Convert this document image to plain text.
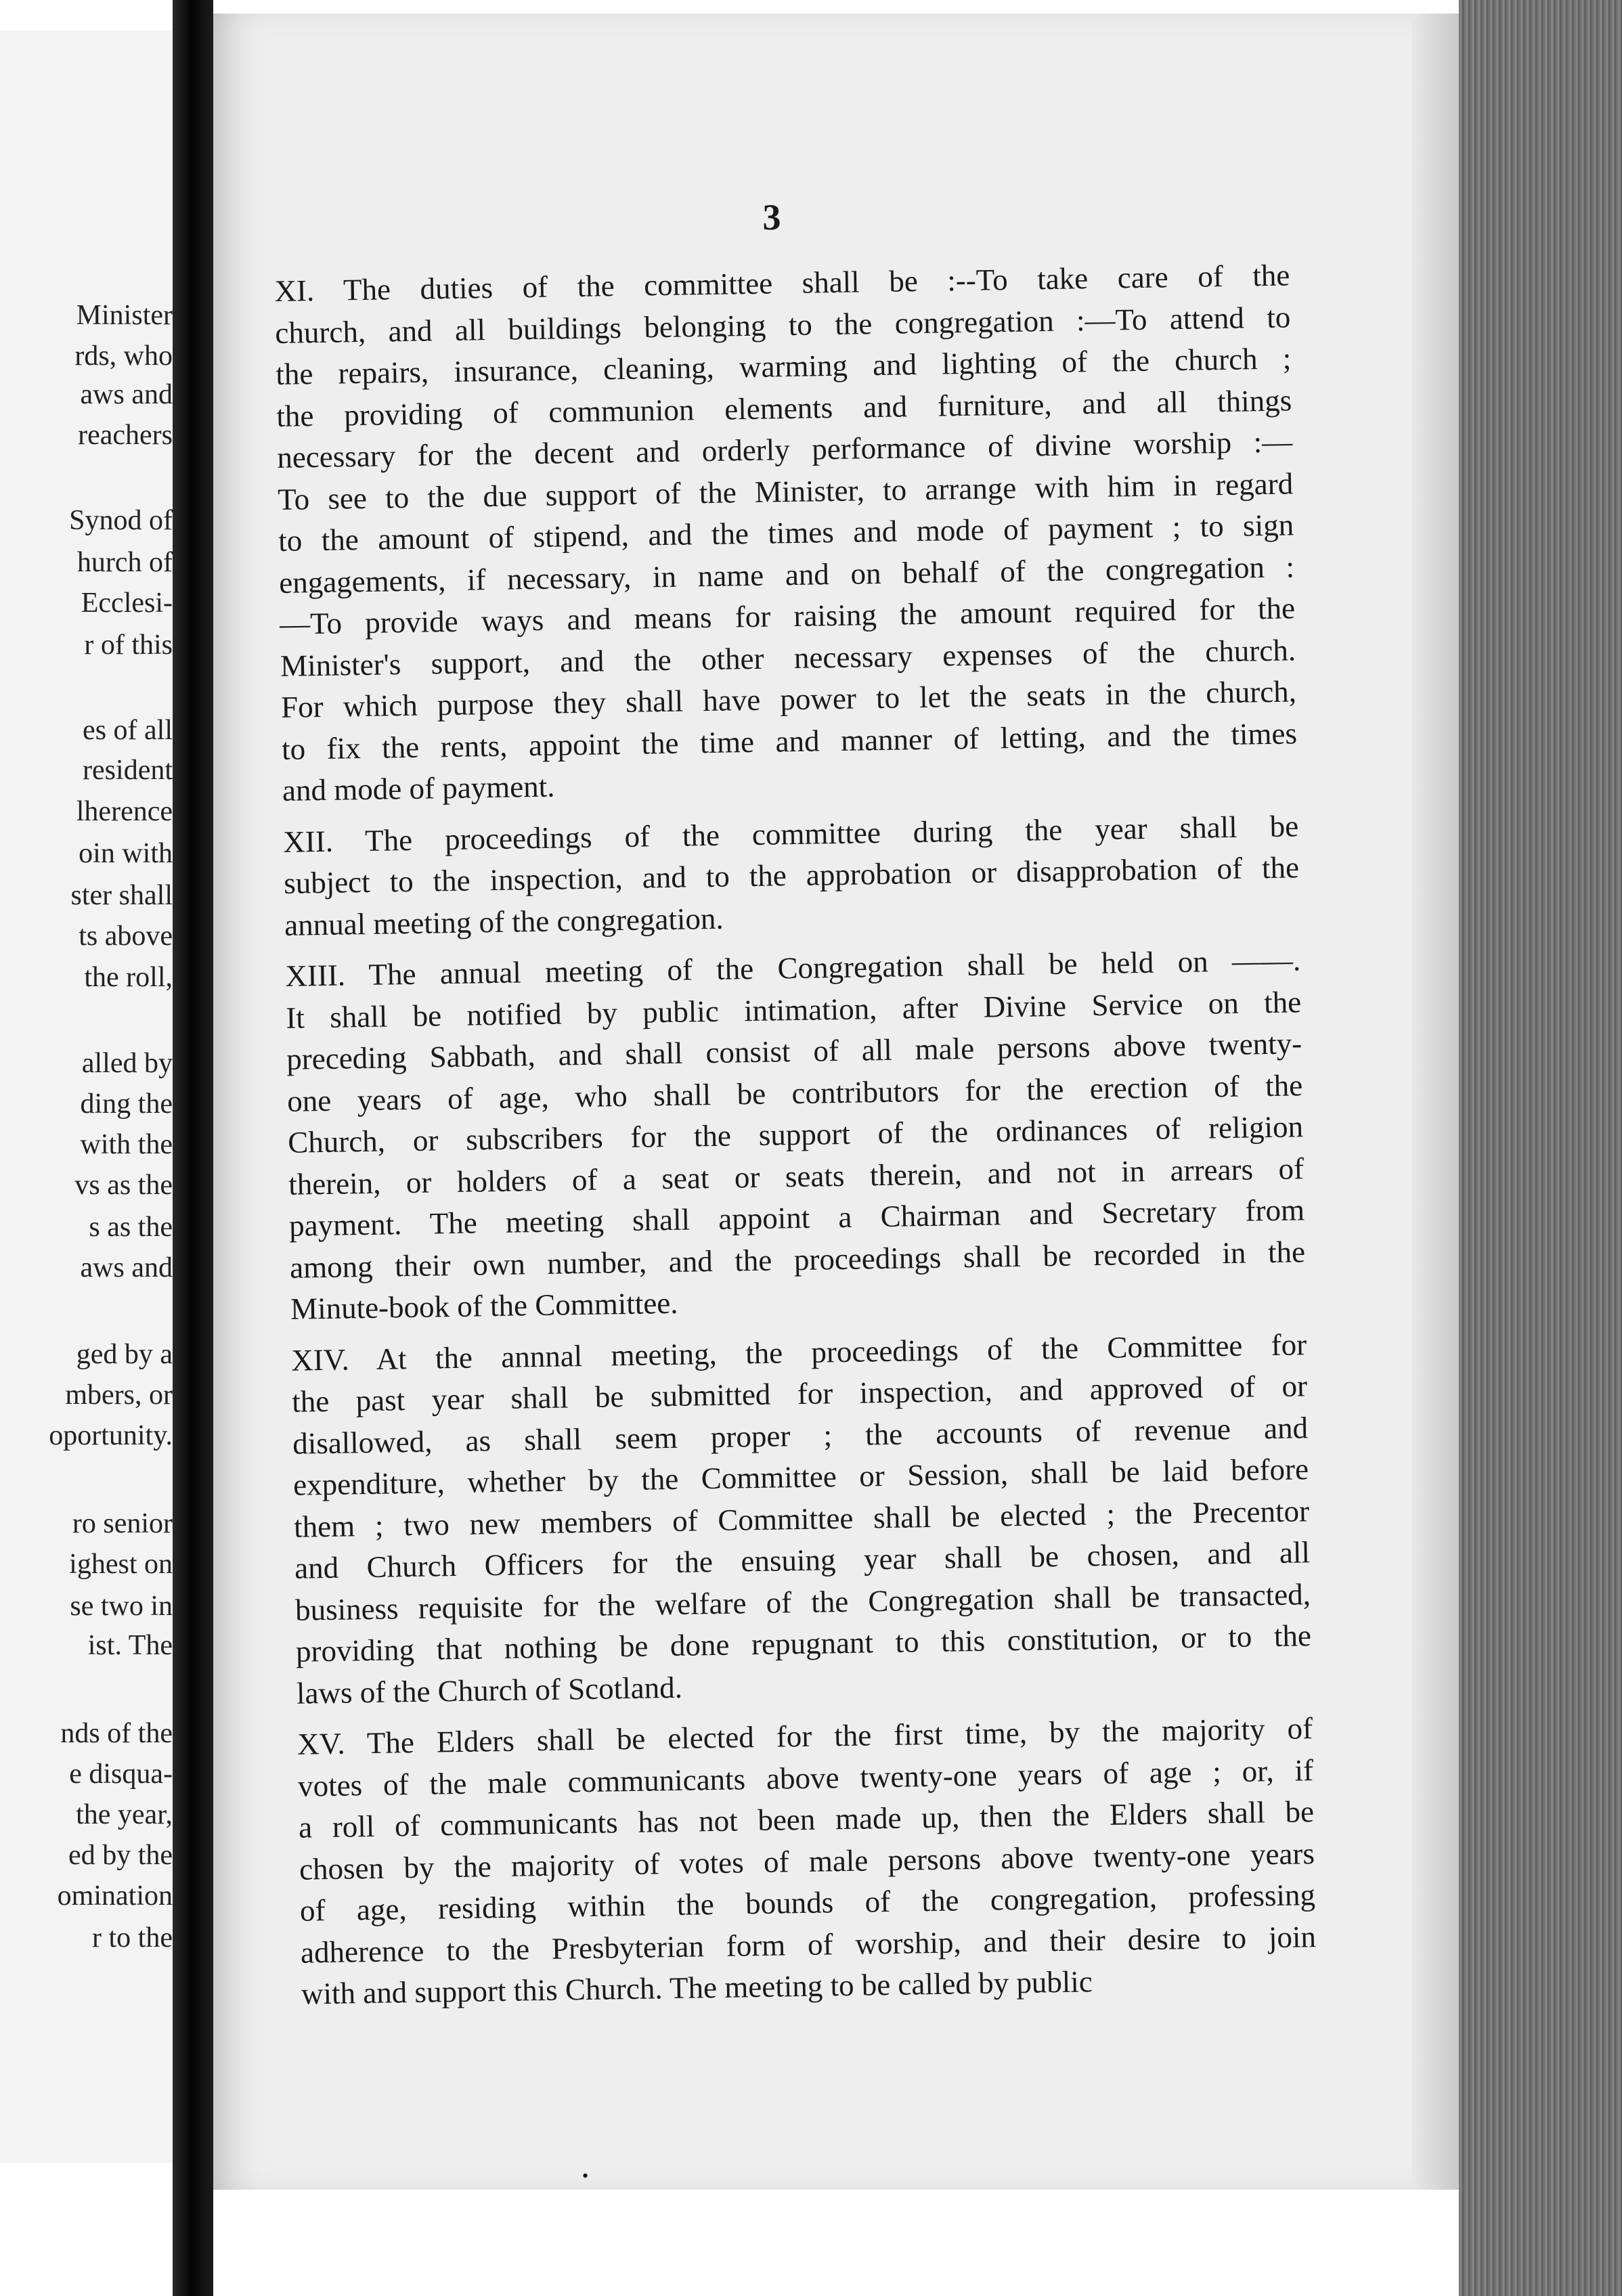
Minister
rds, who
aws and
reachers
Synod of
hurch of
Ecclesi-
r of this
es of all
resident
lherence
oin with
ster shall
ts above
the roll,
alled by
ding the
with the
vs as the
s as the
aws and
ged by a
mbers, or
oportunity.
ro senior
ighest on
se two in
ist. The
nds of the
e disqua-
the year,
ed by the
omination
r to the
3
XI. The duties of the committee shall be :--To take care of the
church, and all buildings belonging to the congregation :—To attend to
the repairs, insurance, cleaning, warming and lighting of the church ;
the providing of communion elements and furniture, and all things
necessary for the decent and orderly performance of divine worship :—
To see to the due support of the Minister, to arrange with him in regard
to the amount of stipend, and the times and mode of payment ; to sign
engagements, if necessary, in name and on behalf of the congregation :
—To provide ways and means for raising the amount required for the
Minister's support, and the other necessary expenses of the church.
For which purpose they shall have power to let the seats in the church,
to fix the rents, appoint the time and manner of letting, and the times
and mode of payment.
XII. The proceedings of the committee during the year shall be
subject to the inspection, and to the approbation or disapprobation of the
annual meeting of the congregation.
XIII. The annual meeting of the Congregation shall be held on ——.
It shall be notified by public intimation, after Divine Service on the
preceding Sabbath, and shall consist of all male persons above twenty-
one years of age, who shall be contributors for the erection of the
Church, or subscribers for the support of the ordinances of religion
therein, or holders of a seat or seats therein, and not in arrears of
payment. The meeting shall appoint a Chairman and Secretary from
among their own number, and the proceedings shall be recorded in the
Minute-book of the Committee.
XIV. At the annnal meeting, the proceedings of the Committee for
the past year shall be submitted for inspection, and approved of or
disallowed, as shall seem proper ; the accounts of revenue and
expenditure, whether by the Committee or Session, shall be laid before
them ; two new members of Committee shall be elected ; the Precentor
and Church Officers for the ensuing year shall be chosen, and all
business requisite for the welfare of the Congregation shall be transacted,
providing that nothing be done repugnant to this constitution, or to the
laws of the Church of Scotland.
XV. The Elders shall be elected for the first time, by the majority of
votes of the male communicants above twenty-one years of age ; or, if
a roll of communicants has not been made up, then the Elders shall be
chosen by the majority of votes of male persons above twenty-one years
of age, residing within the bounds of the congregation, professing
adherence to the Presbyterian form of worship, and their desire to join
with and support this Church. The meeting to be called by public
•
